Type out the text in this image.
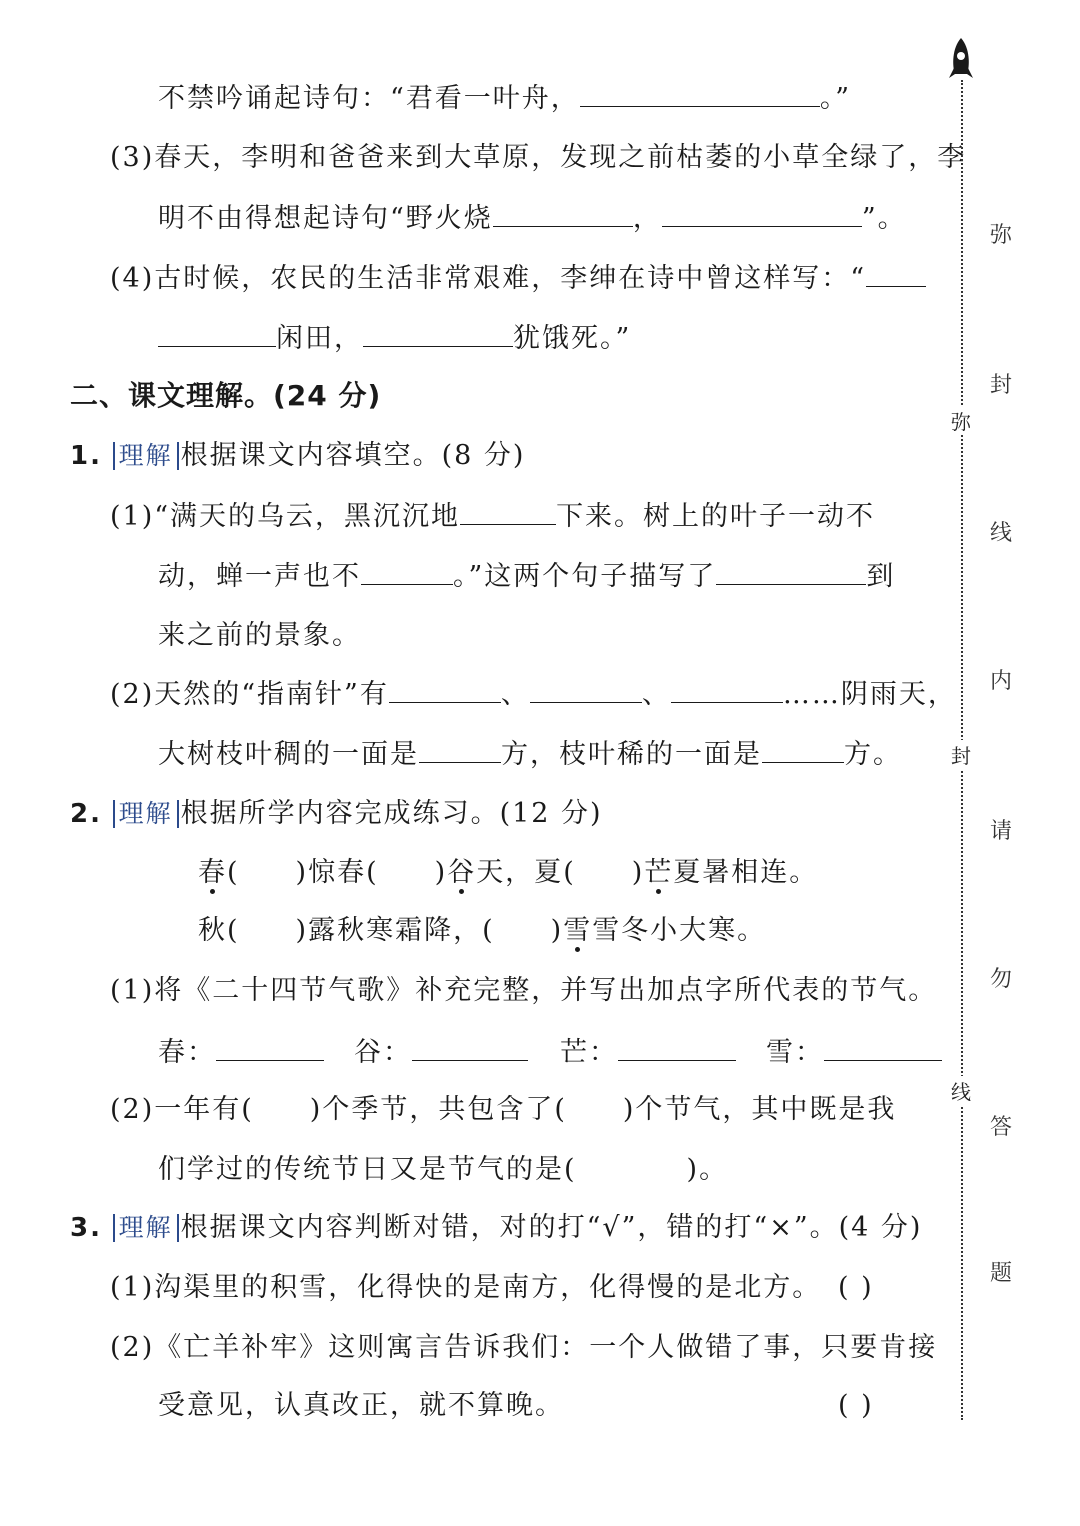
不禁吟诵起诗句：“君看一叶舟，	。”
(3)春天，李明和爸爸来到大草原，发现之前枯萎的小草全绿了，李
明不由得想起诗句“野火烧	，	”。
(4)古时候，农民的生活非常艰难，李绅在诗中曾这样写：“
闲田，	犹饿死。”
二、课文理解。(24 分)
1. 理解 根据课文内容填空。(8 分)
(1)“满天的乌云，黑沉沉地	下来。树上的叶子一动不
动，蝉一声也不	。”这两个句子描写了	到
来之前的景象。
(2)天然的“指南针”有	、	、	……阴雨天，
大树枝叶稠的一面是	方，枝叶稀的一面是	方。
2. 理解 根据所学内容完成练习。(12 分)
春( )惊春( )谷天，夏( )芒夏暑相连。
秋( )露秋寒霜降，( )雪雪冬小大寒。
(1)将《二十四节气歌》补充完整，并写出加点字所代表的节气。
春：	谷：	芒：	雪：
(2)一年有( )个季节，共包含了( )个节气，其中既是我
们学过的传统节日又是节气的是(	)。
3. 理解 根据课文内容判断对错，对的打“√”，错的打“×”。(4 分)
(1)沟渠里的积雪，化得快的是南方，化得慢的是北方。 ( )
(2)《亡羊补牢》这则寓言告诉我们：一个人做错了事，只要肯接
受意见，认真改正，就不算晚。	( )
弥
封
线
弥
封
线
内
请
勿
答
题
